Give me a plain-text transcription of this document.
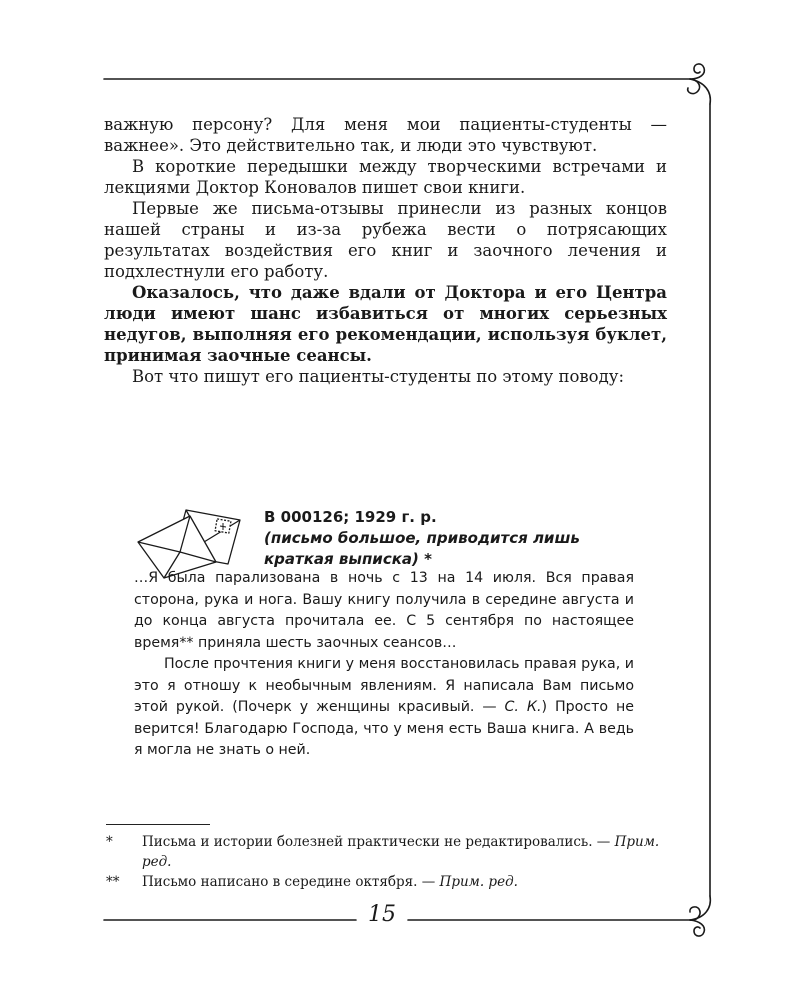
важную персону? Для меня мои пациенты-студенты — важнее». Это действительно так, и люди это чувствуют.

В короткие передышки между творческими встречами и лекциями Доктор Коновалов пишет свои книги.

Первые же письма-отзывы принесли из разных концов нашей страны и из-за рубежа вести о потрясающих результатах воздействия его книг и заочного лечения и подхлестнули его работу.

Оказалось, что даже вдали от Доктора и его Центра люди имеют шанс избавиться от многих серьезных недугов, выполняя его рекомендации, используя буклет, принимая заочные сеансы.

Вот что пишут его пациенты-студенты по этому поводу:

В 000126; 1929 г. р.
(письмо большое, приводится лишь
краткая выписка) *

…Я была парализована в ночь с 13 на 14 июля. Вся правая сторона, рука и нога. Вашу книгу получила в середине августа и до конца августа прочитала ее. С 5 сентября по настоящее время** приняла шесть заочных сеансов…

После прочтения книги у меня восстановилась правая рука, и это я отношу к необычным явлениям. Я написала Вам письмо этой рукой. (Почерк у женщины красивый. — С. К.) Просто не верится! Благодарю Господа, что у меня есть Ваша книга. А ведь я могла не знать о ней.

* Письма и истории болезней практически не редактировались. — Прим. ред.
** Письмо написано в середине октября. — Прим. ред.
15
